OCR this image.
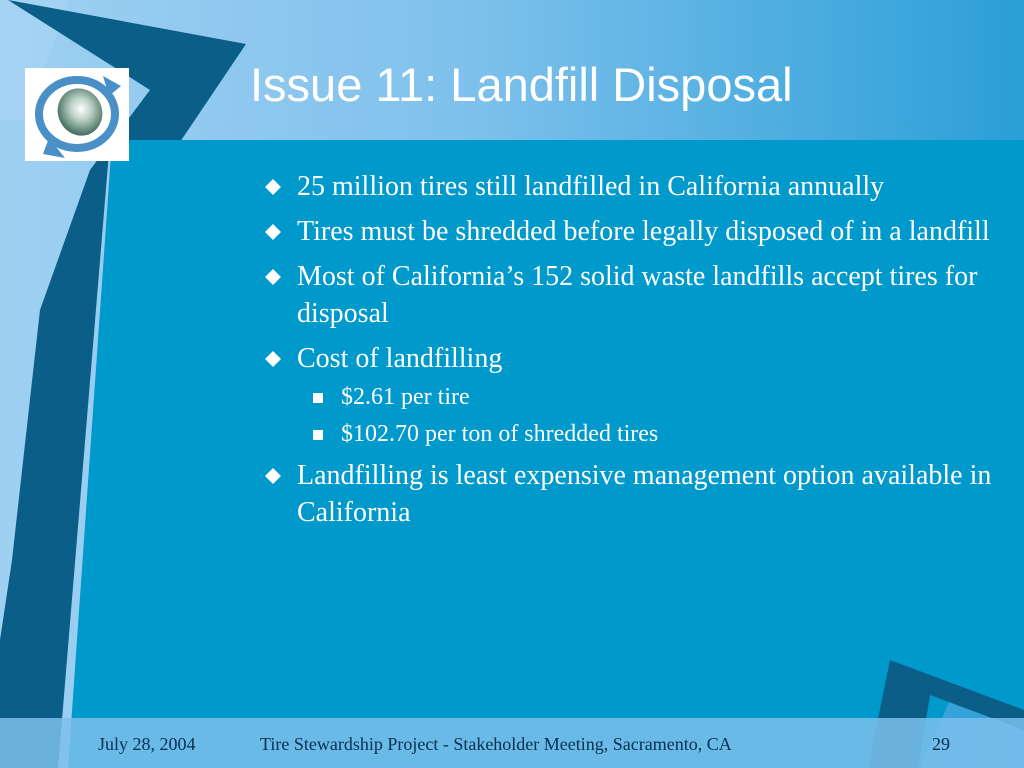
Issue 11: Landfill Disposal
25 million tires still landfilled in California annually
Tires must be shredded before legally disposed of in a landfill
Most of California’s 152 solid waste landfills accept tires for disposal
Cost of landfilling
$2.61 per tire
$102.70 per ton of shredded tires
Landfilling is least expensive management option available in California
July 28, 2004	Tire Stewardship Project - Stakeholder Meeting, Sacramento, CA	29
